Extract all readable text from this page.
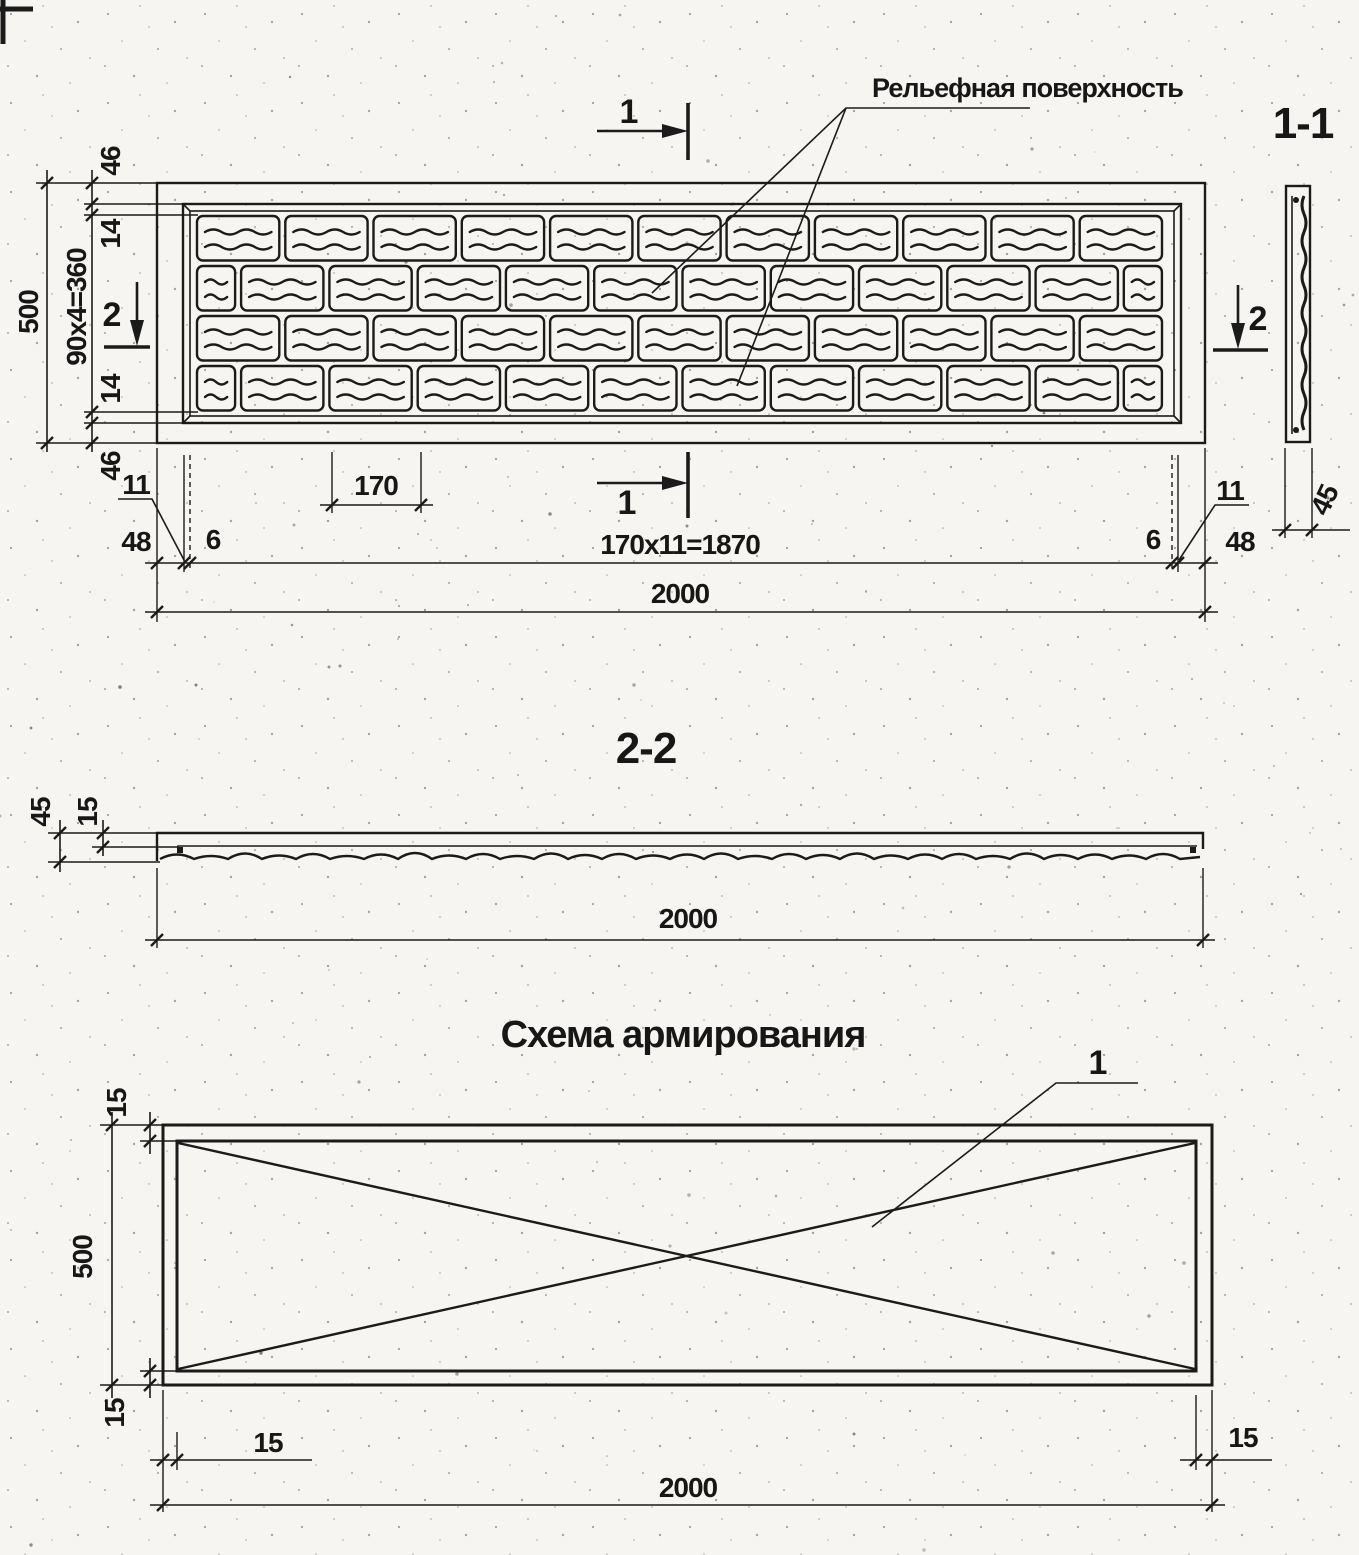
Рельефная поверхность
1
1
2	2
500
46
14
90x4=360
14
46
170
170x11=1870
2000
11
48 6	6
11
48
1-1
45
2-2
45 15
2000
Схема армирования
1
15
500
15
15	15
2000
